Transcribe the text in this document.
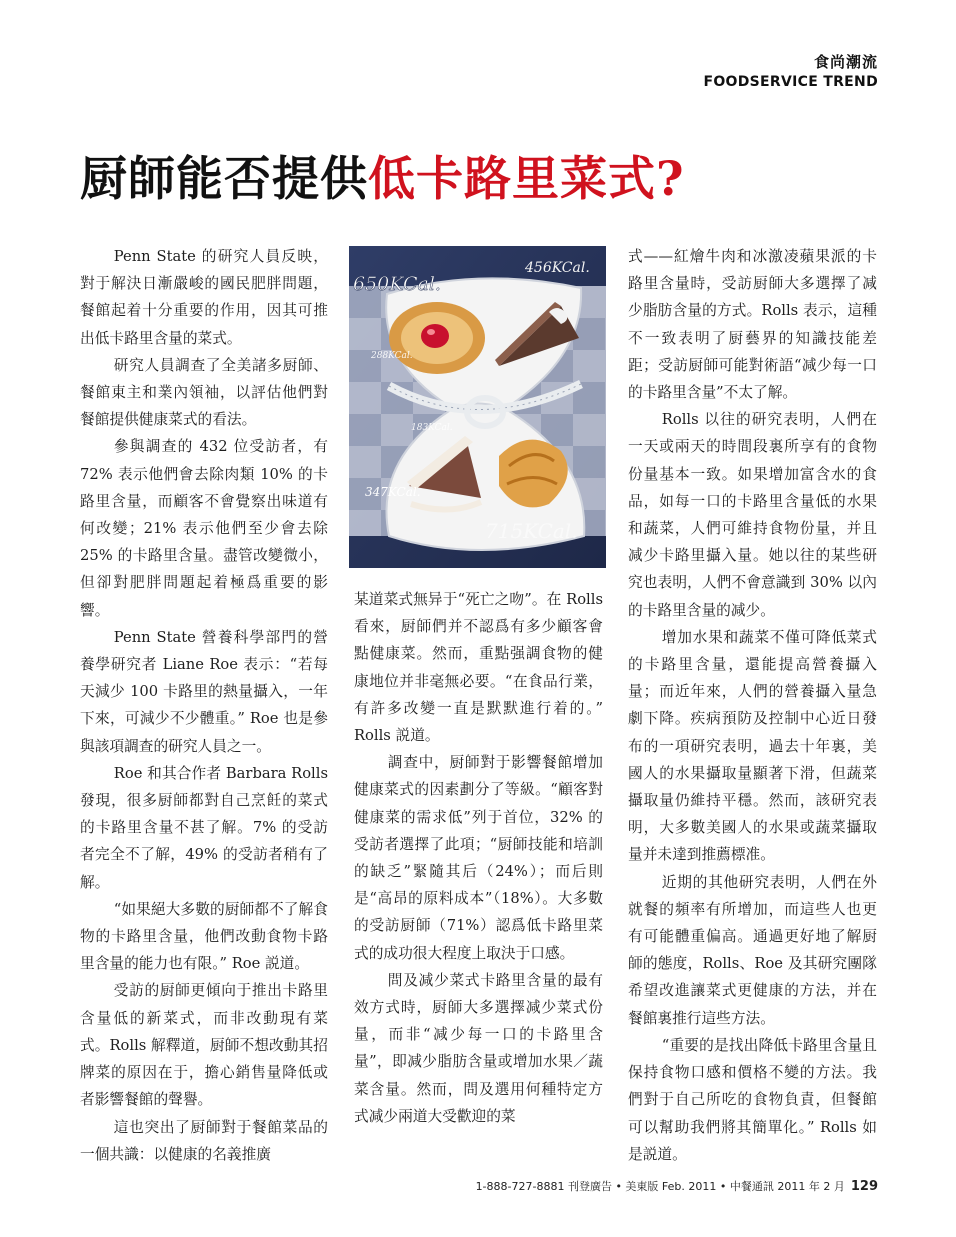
食尚潮流
FOODSERVICE TREND
厨師能否提供低卡路里菜式?

Penn State 的研究人員反映，對于解決日漸嚴峻的國民肥胖問題，餐館起着十分重要的作用，因其可推出低卡路里含量的菜式。

研究人員調查了全美諸多厨師、餐館東主和業內領袖，以評估他們對餐館提供健康菜式的看法。

參與調查的 432 位受訪者，有 72% 表示他們會去除肉類 10% 的卡路里含量，而顧客不會覺察出味道有何改變；21% 表示他們至少會去除 25% 的卡路里含量。盡管改變微小，但卻對肥胖問題起着極爲重要的影響。

Penn State 營養科學部門的營養學研究者 Liane Roe 表示：“若每天減少 100 卡路里的熱量攝入，一年下來，可減少不少體重。” Roe 也是參與該項調查的研究人員之一。

Roe 和其合作者 Barbara Rolls 發現，很多厨師都對自己烹飪的菜式的卡路里含量不甚了解。7% 的受訪者完全不了解，49% 的受訪者稍有了解。

“如果絕大多數的厨師都不了解食物的卡路里含量，他們改動食物卡路里含量的能力也有限。” Roe 説道。

受訪的厨師更傾向于推出卡路里含量低的新菜式，而非改動現有菜式。Rolls 解釋道，厨師不想改動其招牌菜的原因在于，擔心銷售量降低或者影響餐館的聲譽。

這也突出了厨師對于餐館菜品的一個共識：以健康的名義推廣

456KCal.
650KCal.
288KCal.
183KCal.
347KCal.
715KCal.

某道菜式無异于“死亡之吻”。在 Rolls 看來，厨師們并不認爲有多少顧客會點健康菜。然而，重點强調食物的健康地位并非毫無必要。“在食品行業，有許多改變一直是默默進行着的。” Rolls 説道。

調查中，厨師對于影響餐館增加健康菜式的因素劃分了等級。“顧客對健康菜的需求低”列于首位，32% 的受訪者選擇了此項；“厨師技能和培訓的缺乏”緊隨其后（24%）；而后則是“高昂的原料成本”（18%）。大多數的受訪厨師（71%）認爲低卡路里菜式的成功很大程度上取決于口感。

問及减少菜式卡路里含量的最有效方式時，厨師大多選擇减少菜式份量，而非“减少每一口的卡路里含量”，即减少脂肪含量或增加水果／蔬菜含量。然而，問及選用何種特定方式减少兩道大受歡迎的菜

式——紅燴牛肉和冰激凌蘋果派的卡路里含量時，受訪厨師大多選擇了减少脂肪含量的方式。Rolls 表示，這種不一致表明了厨藝界的知識技能差距；受訪厨師可能對術語“减少每一口的卡路里含量”不太了解。

Rolls 以往的研究表明，人們在一天或兩天的時間段裏所享有的食物份量基本一致。如果增加富含水的食品，如每一口的卡路里含量低的水果和蔬菜，人們可維持食物份量，并且减少卡路里攝入量。她以往的某些研究也表明，人們不會意識到 30% 以內的卡路里含量的减少。

增加水果和蔬菜不僅可降低菜式的卡路里含量，還能提高營養攝入量；而近年來，人們的營養攝入量急劇下降。疾病預防及控制中心近日發布的一項研究表明，過去十年裏，美國人的水果攝取量顯著下滑，但蔬菜攝取量仍維持平穩。然而，該研究表明，大多數美國人的水果或蔬菜攝取量并未達到推薦標准。

近期的其他研究表明，人們在外就餐的頻率有所增加，而這些人也更有可能體重偏高。通過更好地了解厨師的態度，Rolls、Roe 及其研究團隊希望改進讓菜式更健康的方法，并在餐館裏推行這些方法。

“重要的是找出降低卡路里含量且保持食物口感和價格不變的方法。我們對于自己所吃的食物負責，但餐館可以幫助我們將其簡單化。” Rolls 如是説道。

1-888-727-8881 刊登廣告 • 美東版 Feb. 2011 • 中餐通訊 2011 年 2 月 129
